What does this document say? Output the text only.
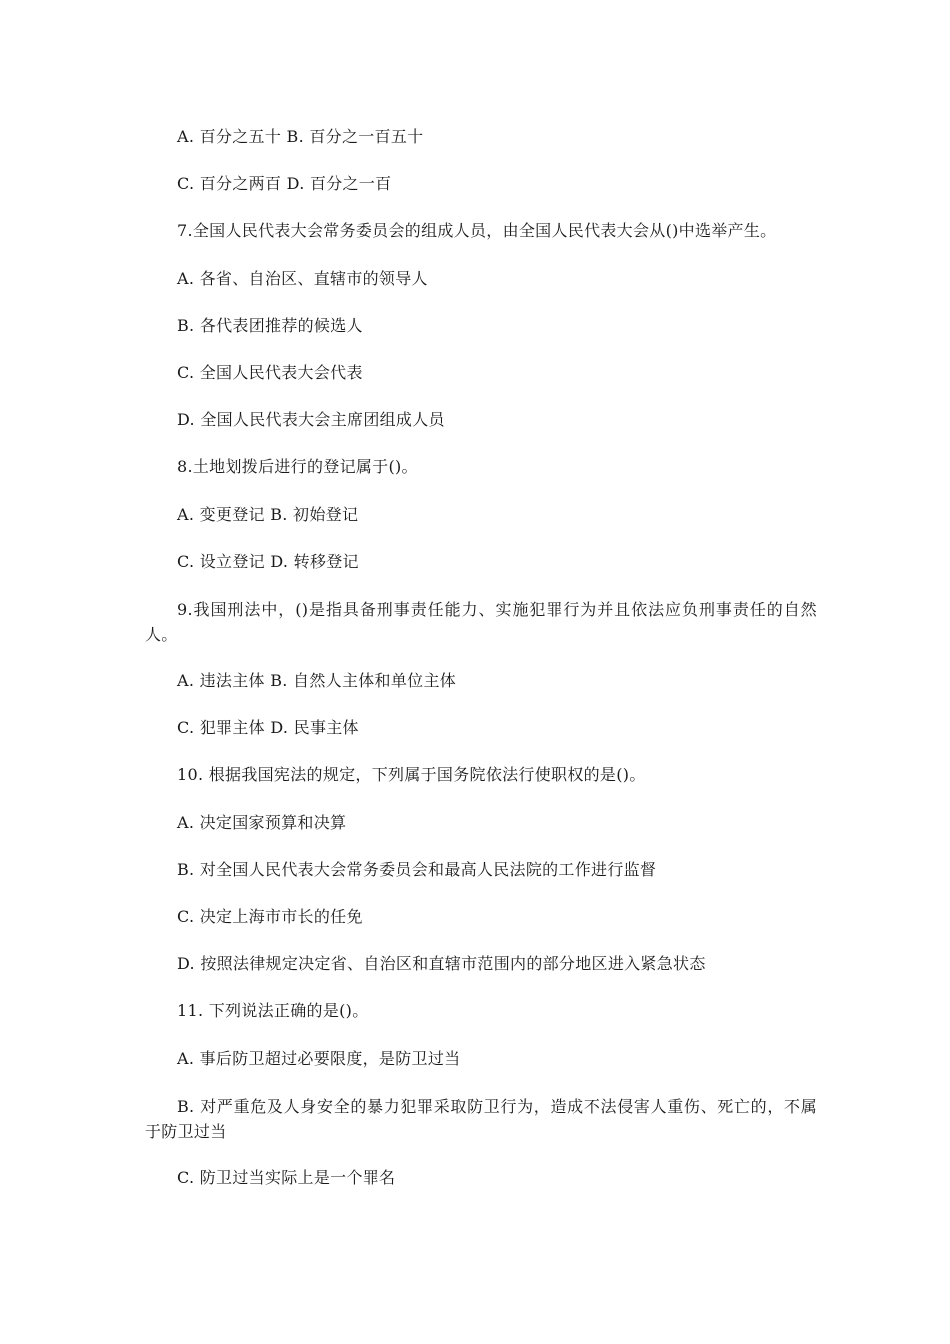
A. 百分之五十 B. 百分之一百五十
C. 百分之两百 D. 百分之一百
7.全国人民代表大会常务委员会的组成人员，由全国人民代表大会从()中选举产生。
A. 各省、自治区、直辖市的领导人
B. 各代表团推荐的候选人
C. 全国人民代表大会代表
D. 全国人民代表大会主席团组成人员
8.土地划拨后进行的登记属于()。
A. 变更登记 B. 初始登记
C. 设立登记 D. 转移登记
9.我国刑法中，()是指具备刑事责任能力、实施犯罪行为并且依法应负刑事责任的自然人。
A. 违法主体 B. 自然人主体和单位主体
C. 犯罪主体 D. 民事主体
10. 根据我国宪法的规定，下列属于国务院依法行使职权的是()。
A. 决定国家预算和决算
B. 对全国人民代表大会常务委员会和最高人民法院的工作进行监督
C. 决定上海市市长的任免
D. 按照法律规定决定省、自治区和直辖市范围内的部分地区进入紧急状态
11. 下列说法正确的是()。
A. 事后防卫超过必要限度，是防卫过当
B. 对严重危及人身安全的暴力犯罪采取防卫行为，造成不法侵害人重伤、死亡的，不属于防卫过当
C. 防卫过当实际上是一个罪名
